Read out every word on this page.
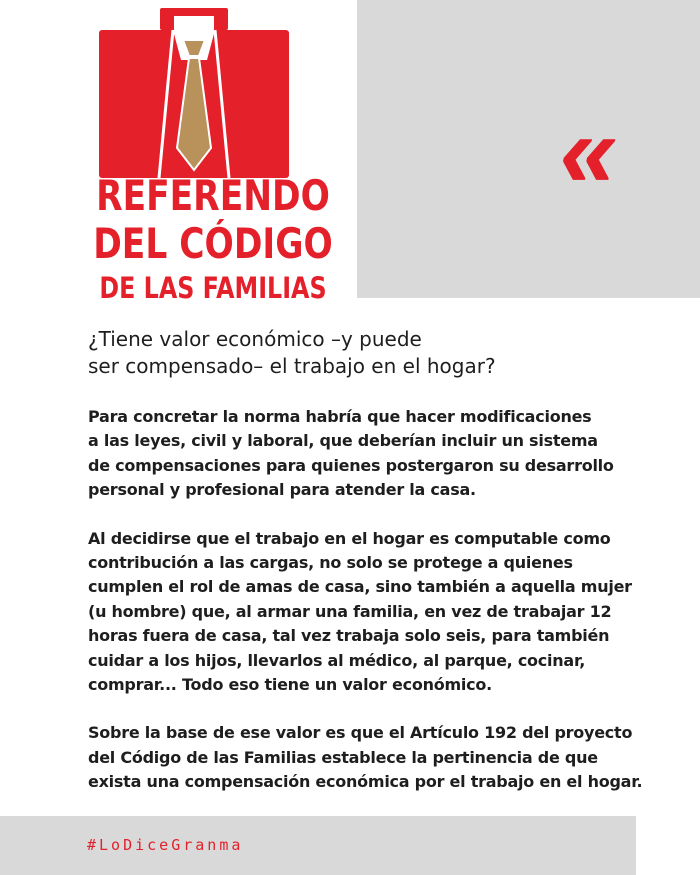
«
REFERENDO
DEL CÓDIGO
DE LAS FAMILIAS
¿Tiene valor económico –y puede
ser compensado– el trabajo en el hogar?

Para concretar la norma habría que hacer modificaciones
a las leyes, civil y laboral, que deberían incluir un sistema
de compensaciones para quienes postergaron su desarrollo
personal y profesional para atender la casa.

Al decidirse que el trabajo en el hogar es computable como
contribución a las cargas, no solo se protege a quienes
cumplen el rol de amas de casa, sino también a aquella mujer
(u hombre) que, al armar una familia, en vez de trabajar 12
horas fuera de casa, tal vez trabaja solo seis, para también
cuidar a los hijos, llevarlos al médico, al parque, cocinar,
comprar... Todo eso tiene un valor económico.

Sobre la base de ese valor es que el Artículo 192 del proyecto
del Código de las Familias establece la pertinencia de que
exista una compensación económica por el trabajo en el hogar.

#LoDiceGranma
